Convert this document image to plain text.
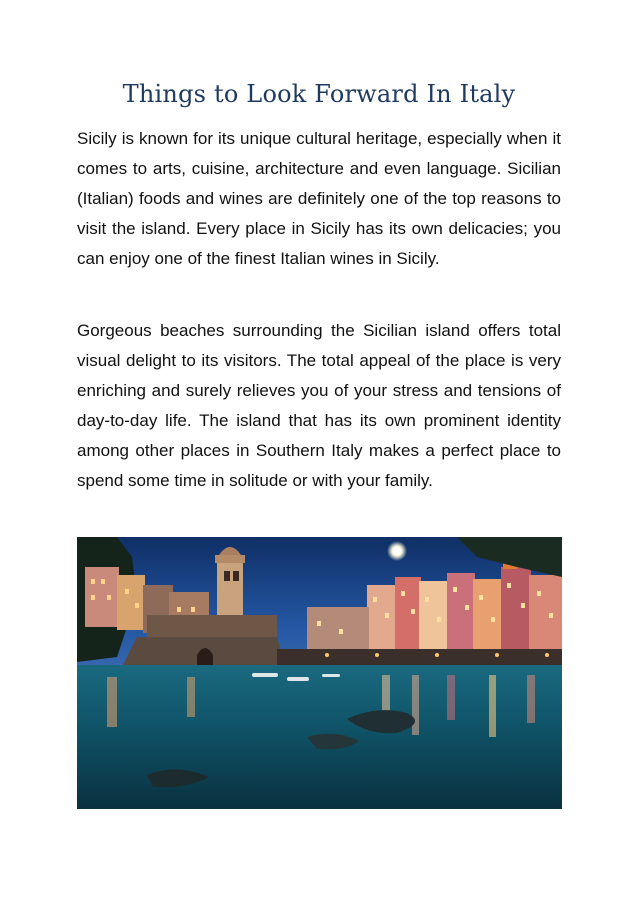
Things to Look Forward In Italy

Sicily is known for its unique cultural heritage, especially when it comes to arts, cuisine, architecture and even language. Sicilian (Italian) foods and wines are definitely one of the top reasons to visit the island. Every place in Sicily has its own delicacies; you can enjoy one of the finest Italian wines in Sicily.

Gorgeous beaches surrounding the Sicilian island offers total visual delight to its visitors. The total appeal of the place is very enriching and surely relieves you of your stress and tensions of day-to-day life. The island that has its own prominent identity among other places in Southern Italy makes a perfect place to spend some time in solitude or with your family.
